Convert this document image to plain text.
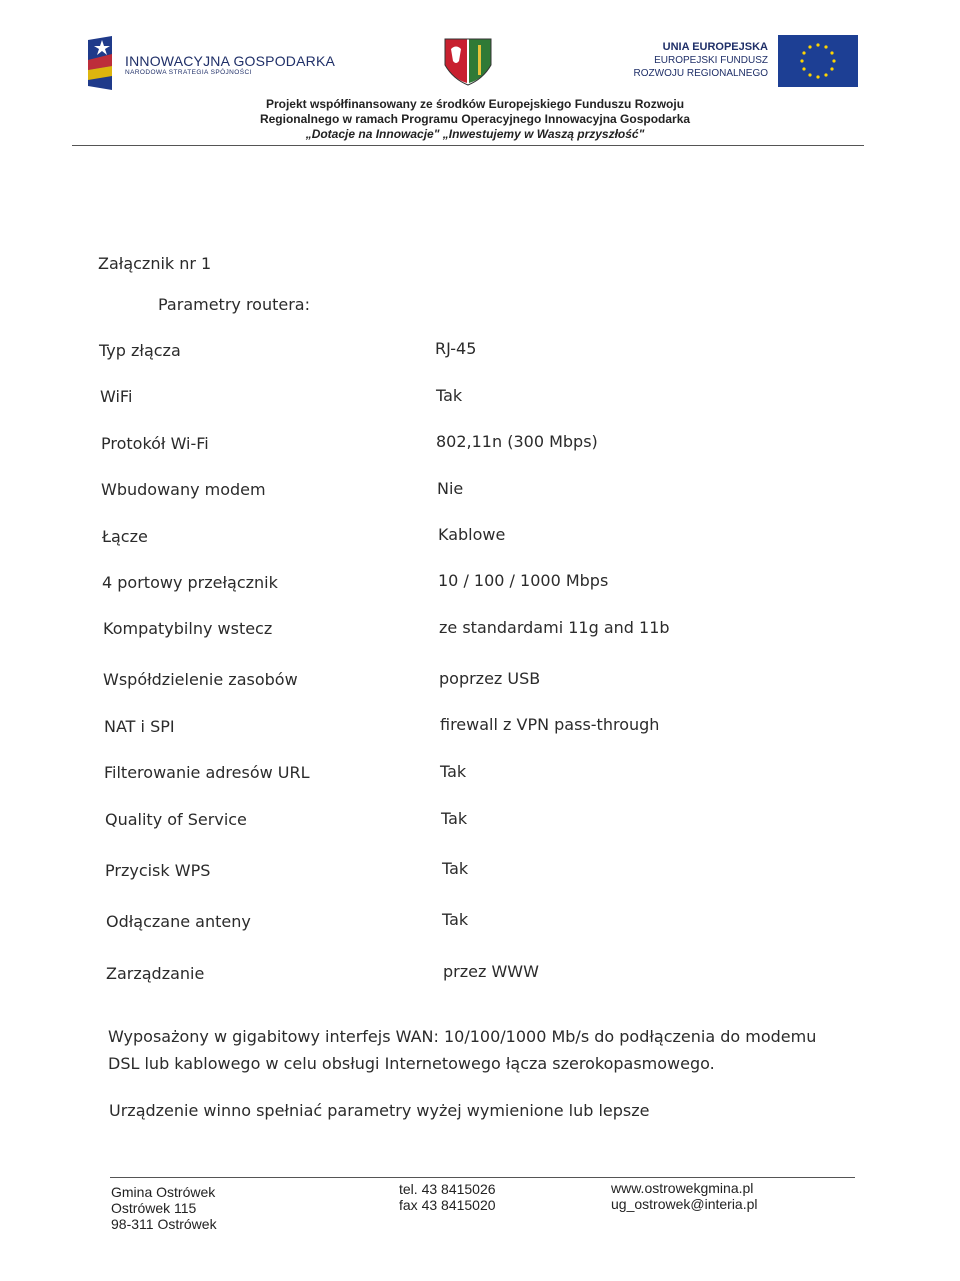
INNOWACYJNA GOSPODARKA
NARODOWA STRATEGIA SPÓJNOŚCI
UNIA EUROPEJSKA
EUROPEJSKI FUNDUSZ
ROZWOJU REGIONALNEGO
Projekt współfinansowany ze środków Europejskiego Funduszu Rozwoju
Regionalnego w ramach Programu Operacyjnego Innowacyjna Gospodarka
„Dotacje na Innowacje" „Inwestujemy w Waszą przyszłość"
Załącznik nr 1
Parametry routera:
Typ złącza	RJ-45
WiFi	Tak
Protokół Wi-Fi	802,11n (300 Mbps)
Wbudowany modem	Nie
Łącze	Kablowe
4 portowy przełącznik	10 / 100 / 1000 Mbps
Kompatybilny wstecz	ze standardami 11g and 11b
Współdzielenie zasobów	poprzez USB
NAT i SPI	firewall z VPN pass-through
Filterowanie adresów URL	Tak
Quality of Service	Tak
Przycisk WPS	Tak
Odłączane anteny	Tak
Zarządzanie	przez WWW
Wyposażony w gigabitowy interfejs WAN: 10/100/1000 Mb/s do podłączenia do modemu
DSL lub kablowego w celu obsługi Internetowego łącza szerokopasmowego.
Urządzenie winno spełniać parametry wyżej wymienione lub lepsze
Gmina Ostrówek
Ostrówek 115
98-311 Ostrówek
tel. 43 8415026
fax 43 8415020
www.ostrowekgmina.pl
ug_ostrowek@interia.pl
